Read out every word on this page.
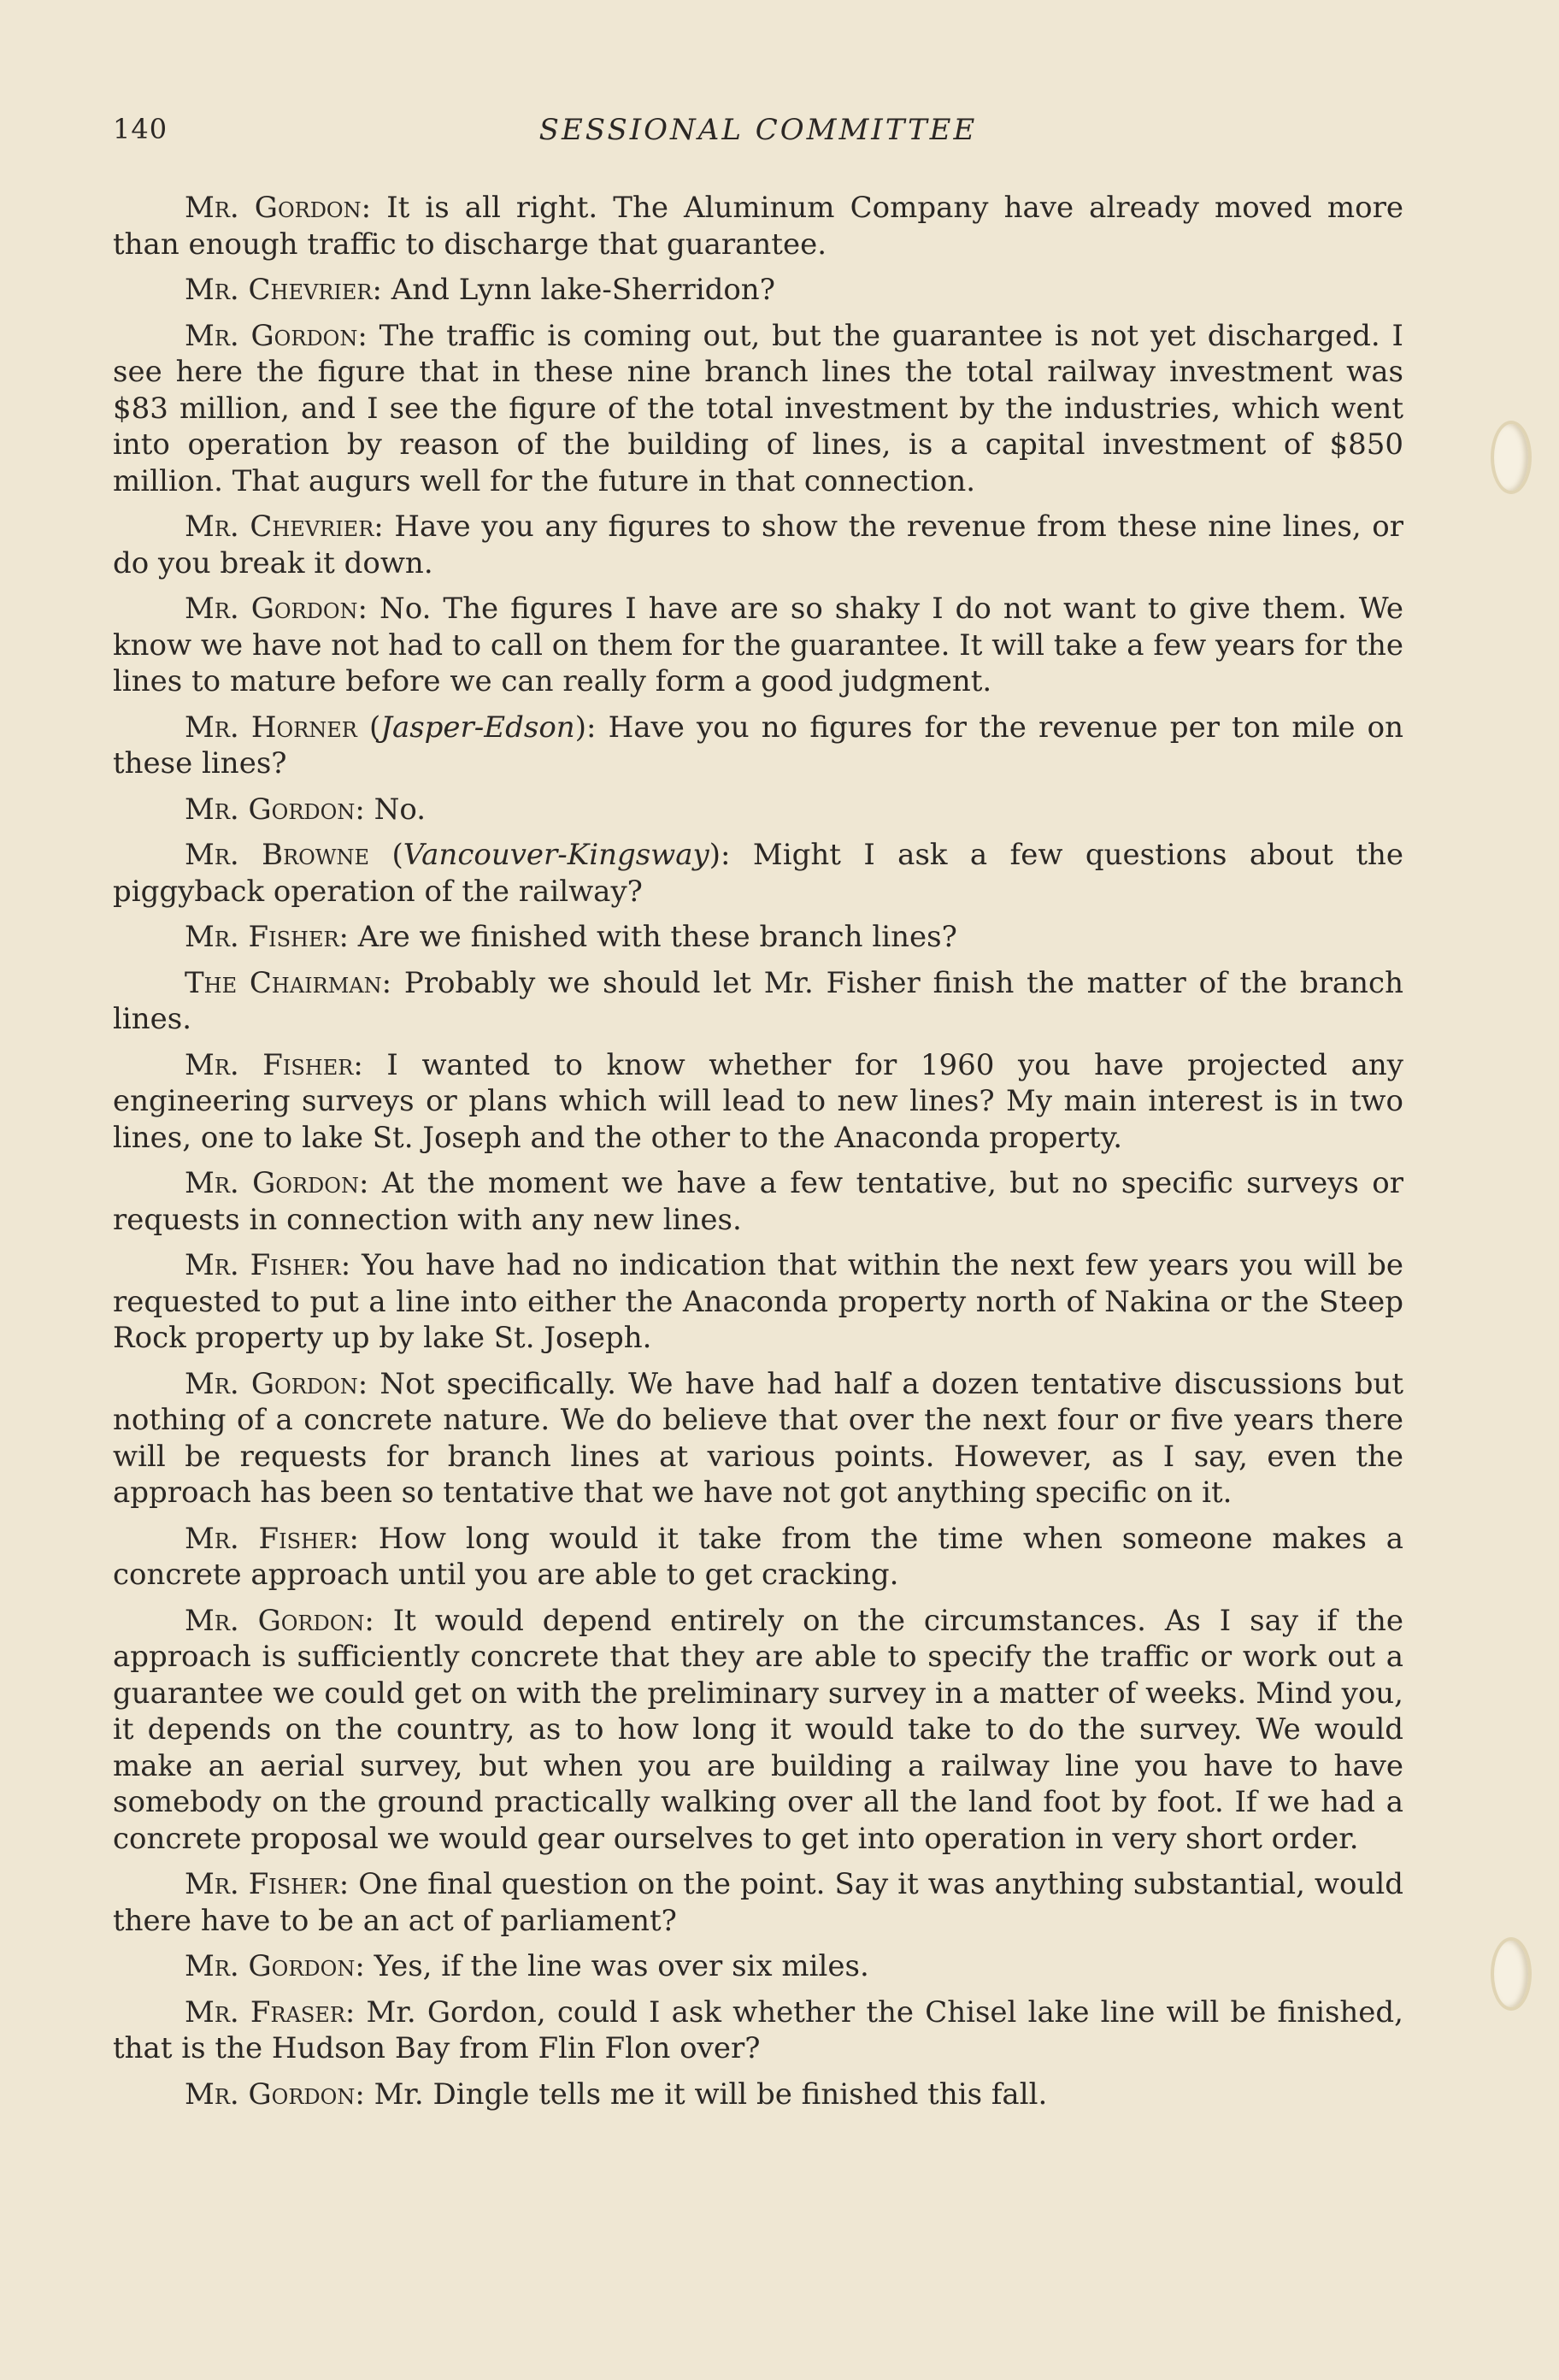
140	SESSIONAL COMMITTEE

Mr. Gordon: It is all right. The Aluminum Company have already moved more than enough traffic to discharge that guarantee.

Mr. Chevrier: And Lynn lake-Sherridon?

Mr. Gordon: The traffic is coming out, but the guarantee is not yet discharged. I see here the figure that in these nine branch lines the total railway investment was $83 million, and I see the figure of the total investment by the industries, which went into operation by reason of the building of lines, is a capital investment of $850 million. That augurs well for the future in that connection.

Mr. Chevrier: Have you any figures to show the revenue from these nine lines, or do you break it down.

Mr. Gordon: No. The figures I have are so shaky I do not want to give them. We know we have not had to call on them for the guarantee. It will take a few years for the lines to mature before we can really form a good judgment.

Mr. Horner (Jasper-Edson): Have you no figures for the revenue per ton mile on these lines?

Mr. Gordon: No.

Mr. Browne (Vancouver-Kingsway): Might I ask a few questions about the piggyback operation of the railway?

Mr. Fisher: Are we finished with these branch lines?

The Chairman: Probably we should let Mr. Fisher finish the matter of the branch lines.

Mr. Fisher: I wanted to know whether for 1960 you have projected any engineering surveys or plans which will lead to new lines? My main interest is in two lines, one to lake St. Joseph and the other to the Anaconda property.

Mr. Gordon: At the moment we have a few tentative, but no specific surveys or requests in connection with any new lines.

Mr. Fisher: You have had no indication that within the next few years you will be requested to put a line into either the Anaconda property north of Nakina or the Steep Rock property up by lake St. Joseph.

Mr. Gordon: Not specifically. We have had half a dozen tentative discussions but nothing of a concrete nature. We do believe that over the next four or five years there will be requests for branch lines at various points. However, as I say, even the approach has been so tentative that we have not got anything specific on it.

Mr. Fisher: How long would it take from the time when someone makes a concrete approach until you are able to get cracking.

Mr. Gordon: It would depend entirely on the circumstances. As I say if the approach is sufficiently concrete that they are able to specify the traffic or work out a guarantee we could get on with the preliminary survey in a matter of weeks. Mind you, it depends on the country, as to how long it would take to do the survey. We would make an aerial survey, but when you are building a railway line you have to have somebody on the ground practically walking over all the land foot by foot. If we had a concrete proposal we would gear ourselves to get into operation in very short order.

Mr. Fisher: One final question on the point. Say it was anything substantial, would there have to be an act of parliament?

Mr. Gordon: Yes, if the line was over six miles.

Mr. Fraser: Mr. Gordon, could I ask whether the Chisel lake line will be finished, that is the Hudson Bay from Flin Flon over?

Mr. Gordon: Mr. Dingle tells me it will be finished this fall.
